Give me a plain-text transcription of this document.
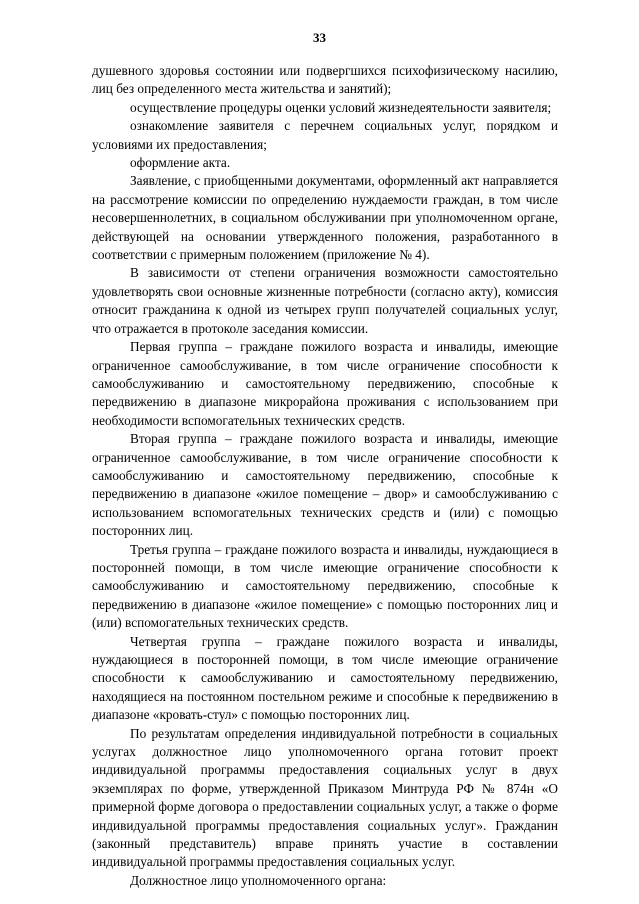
33

душевного здоровья состоянии или подвергшихся психофизическому насилию, лиц без определенного места жительства и занятий);

осуществление процедуры оценки условий жизнедеятельности заявителя;

ознакомление заявителя с перечнем социальных услуг, порядком и условиями их предоставления;

оформление акта.

Заявление, с приобщенными документами, оформленный акт направляется на рассмотрение комиссии по определению нуждаемости граждан, в том числе несовершеннолетних, в социальном обслуживании при уполномоченном органе, действующей на основании утвержденного положения, разработанного в соответствии с примерным положением (приложение № 4).

В зависимости от степени ограничения возможности самостоятельно удовлетворять свои основные жизненные потребности (согласно акту), комиссия относит гражданина к одной из четырех групп получателей социальных услуг, что отражается в протоколе заседания комиссии.

Первая группа – граждане пожилого возраста и инвалиды, имеющие ограниченное самообслуживание, в том числе ограничение способности к самообслуживанию и самостоятельному передвижению, способные к передвижению в диапазоне микрорайона проживания с использованием при необходимости вспомогательных технических средств.

Вторая группа – граждане пожилого возраста и инвалиды, имеющие ограниченное самообслуживание, в том числе ограничение способности к самообслуживанию и самостоятельному передвижению, способные к передвижению в диапазоне «жилое помещение – двор» и самообслуживанию с использованием вспомогательных технических средств и (или) с помощью посторонних лиц.

Третья группа – граждане пожилого возраста и инвалиды, нуждающиеся в посторонней помощи, в том числе имеющие ограничение способности к самообслуживанию и самостоятельному передвижению, способные к передвижению в диапазоне «жилое помещение» с помощью посторонних лиц и (или) вспомогательных технических средств.

Четвертая группа – граждане пожилого возраста и инвалиды, нуждающиеся в посторонней помощи, в том числе имеющие ограничение способности к самообслуживанию и самостоятельному передвижению, находящиеся на постоянном постельном режиме и способные к передвижению в диапазоне «кровать-стул» с помощью посторонних лиц.

По результатам определения индивидуальной потребности в социальных услугах должностное лицо уполномоченного органа готовит проект индивидуальной программы предоставления социальных услуг в двух экземплярах по форме, утвержденной Приказом Минтруда РФ № 874н «О примерной форме договора о предоставлении социальных услуг, а также о форме индивидуальной программы предоставления социальных услуг». Гражданин (законный представитель) вправе принять участие в составлении индивидуальной программы предоставления социальных услуг.

Должностное лицо уполномоченного органа:
